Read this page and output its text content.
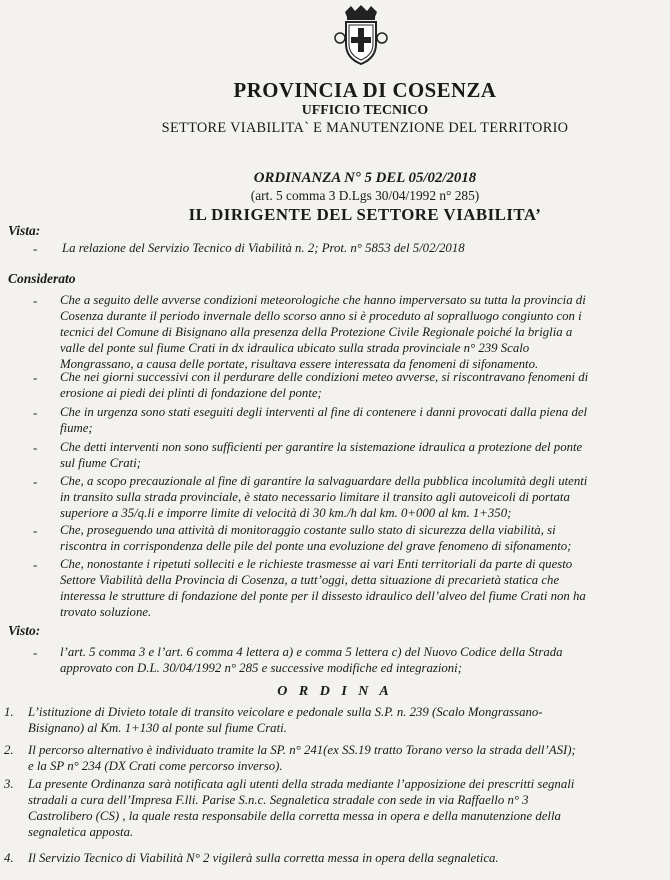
PROVINCIA DI COSENZA
UFFICIO TECNICO
SETTORE VIABILITA` E MANUTENZIONE DEL TERRITORIO
ORDINANZA N° 5 DEL 05/02/2018
(art. 5 comma 3 D.Lgs 30/04/1992 n° 285)
IL DIRIGENTE DEL SETTORE VIABILITA’
Vista:
- La relazione del Servizio Tecnico di Viabilità n. 2; Prot. n° 5853 del 5/02/2018
Considerato
- Che a seguito delle avverse condizioni meteorologiche che hanno imperversato su tutta la provincia di
Cosenza durante il periodo invernale dello scorso anno si è proceduto al sopralluogo congiunto con i
tecnici del Comune di Bisignano alla presenza della Protezione Civile Regionale poiché la briglia a
valle del ponte sul fiume Crati in dx idraulica ubicato sulla strada provinciale n° 239 Scalo
Mongrassano, a causa delle portate, risultava essere interessata da fenomeni di sifonamento.
- Che nei giorni successivi con il perdurare delle condizioni meteo avverse, si riscontravano fenomeni di
erosione ai piedi dei plinti di fondazione del ponte;
- Che in urgenza sono stati eseguiti degli interventi al fine di contenere i danni provocati dalla piena del
fiume;
- Che detti interventi non sono sufficienti per garantire la sistemazione idraulica a protezione del ponte
sul fiume Crati;
- Che, a scopo precauzionale al fine di garantire la salvaguardare della pubblica incolumità degli utenti
in transito sulla strada provinciale, è stato necessario limitare il transito agli autoveicoli di portata
superiore a 35/q.li e imporre limite di velocità di 30 km./h dal km. 0+000 al km. 1+350;
- Che, proseguendo una attività di monitoraggio costante sullo stato di sicurezza della viabilità, si
riscontra in corrispondenza delle pile del ponte una evoluzione del grave fenomeno di sifonamento;
- Che, nonostante i ripetuti solleciti e le richieste trasmesse ai vari Enti territoriali da parte di questo
Settore Viabilità della Provincia di Cosenza, a tutt’oggi, detta situazione di precarietà statica che
interessa le strutture di fondazione del ponte per il dissesto idraulico dell’alveo del fiume Crati non ha
trovato soluzione.
Visto:
- l’art. 5 comma 3 e l’art. 6 comma 4 lettera a) e comma 5 lettera c) del Nuovo Codice della Strada
approvato con D.L. 30/04/1992 n° 285 e successive modifiche ed integrazioni;
O R D I N A
1. L’istituzione di Divieto totale di transito veicolare e pedonale sulla S.P. n. 239 (Scalo Mongrassano-
Bisignano) al Km. 1+130 al ponte sul fiume Crati.
2. Il percorso alternativo è individuato tramite la SP. n° 241(ex SS.19 tratto Torano verso la strada dell’ASI);
e la SP n° 234 (DX Crati come percorso inverso).
3. La presente Ordinanza sarà notificata agli utenti della strada mediante l’apposizione dei prescritti segnali
stradali a cura dell’Impresa F.lli. Parise S.n.c. Segnaletica stradale con sede in via Raffaello n° 3
Castrolibero (CS) , la quale resta responsabile della corretta messa in opera e della manutenzione della
segnaletica apposta.
4. Il Servizio Tecnico di Viabilità N° 2 vigilerà sulla corretta messa in opera della segnaletica.
